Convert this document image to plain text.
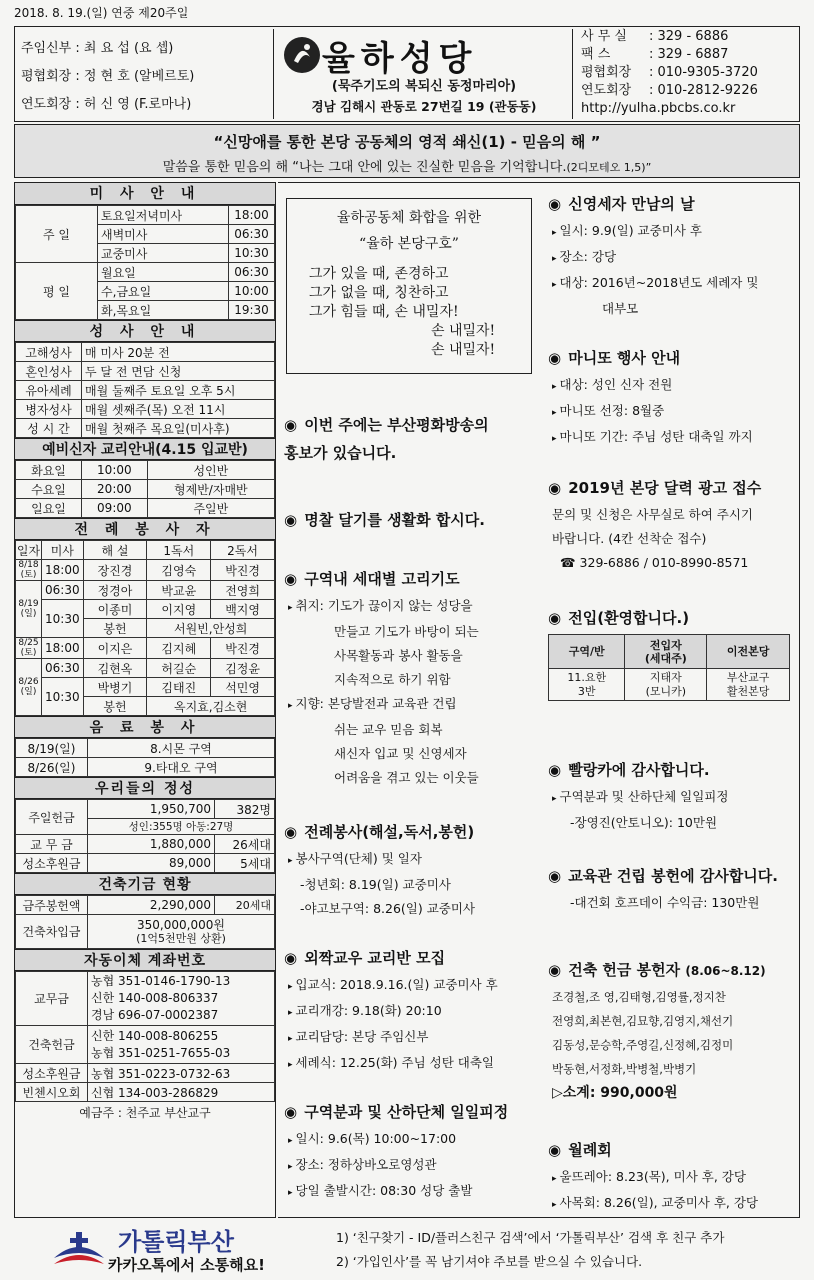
2018. 8. 19.(일) 연중 제20주일
주임신부 : 최 요 섭 (요 셉)
평협회장 : 정 현 호 (알베르토)
연도회장 : 허 신 영 (F.로마나)
율하성당
(묵주기도의 복되신 동정마리아)
경남 김해시 관동로 27번길 19 (관동동)
사 무 실 : 329 - 6886
팩 스	: 329 - 6887
평협회장 : 010-9305-3720
연도회장 : 010-2812-9226
http://yulha.pbcbs.co.kr
“신망애를 통한 본당 공동체의 영적 쇄신(1) - 믿음의 해 ”
말씀을 통한 믿음의 해 “나는 그대 안에 있는 진실한 믿음을 기억합니다.(2디모테오 1,5)”
미 사 안 내
주 일	토요일저녁미사	18:00
	새벽미사	06:30
	교중미사	10:30
평 일	월요일	06:30
	수,금요일	10:00
	화,목요일	19:30
성 사 안 내
고해성사	매 미사 20분 전
혼인성사	두 달 전 면담 신청
유아세례	매월 둘째주 토요일 오후 5시
병자성사	매월 셋째주(목) 오전 11시
성 시 간	매월 첫째주 목요일(미사후)
예비신자 교리안내(4.15 입교반)
화요일	10:00	성인반
수요일	20:00	형제반/자매반
일요일	09:00	주일반
전 례 봉 사 자
일자	미사	해 설	1독서	2독서
8/18
(토)	18:00	장진경	김영숙	박진경
8/19
(일)	06:30	정경아	박교윤	전영희
	10:30	이종미	이지영	백지영
		봉헌	서원빈,안성희	
8/25
(토)	18:00	이지은	김지혜	박진경
8/26
(일)	06:30	김현옥	허길순	김정윤
	10:30	박병기	김태진	석민영
		봉헌	옥지효,김소현	
음 료 봉 사
8/19(일)	8.시몬 구역
8/26(일)	9.타대오 구역
우리들의 정성
주일헌금	1,950,700	382명
	성인:355명 아동:27명	
교 무 금	1,880,000	26세대
성소후원금	89,000	5세대
건축기금 현황
금주봉헌액	2,290,000	20세대
건축차입금	350,000,000원
(1억5천만원 상환)	
자동이체 계좌번호
교무금	농협 351-0146-1790-13
신한 140-008-806337
경남 696-07-0002387

건축헌금	신한 140-008-806255
농협 351-0251-7655-03

성소후원금	농협 351-0223-0732-63
빈첸시오회	신협 134-003-286829
예금주 : 천주교 부산교구
율하공동체 화합을 위한
“율하 본당구호”
그가 있을 때, 존경하고
그가 없을 때, 칭찬하고
그가 힘들 때, 손 내밀자!
손 내밀자!
손 내밀자!
◉ 이번 주에는 부산평화방송의
홍보가 있습니다.
◉ 명찰 달기를 생활화 합시다.
◉ 구역내 세대별 고리기도
▸ 취지: 기도가 끊이지 않는 성당을
만들고 기도가 바탕이 되는
사목활동과 봉사 활동을
지속적으로 하기 위함
▸ 지향: 본당발전과 교육관 건립
쉬는 교우 믿음 회복
새신자 입교 및 신영세자
어려움을 겪고 있는 이웃들
◉ 전례봉사(해설,독서,봉헌)
▸ 봉사구역(단체) 및 일자
-청년회: 8.19(일) 교중미사
-야고보구역: 8.26(일) 교중미사
◉ 외짝교우 교리반 모집
▸ 입교식: 2018.9.16.(일) 교중미사 후
▸ 교리개강: 9.18(화) 20:10
▸ 교리담당: 본당 주임신부
▸ 세례식: 12.25(화) 주님 성탄 대축일
◉ 구역분과 및 산하단체 일일피정
▸ 일시: 9.6(목) 10:00~17:00
▸ 장소: 정하상바오로영성관
▸ 당일 출발시간: 08:30 성당 출발
◉ 신영세자 만남의 날
▸ 일시: 9.9(일) 교중미사 후
▸ 장소: 강당
▸ 대상: 2016년~2018년도 세례자 및
대부모
◉ 마니또 행사 안내
▸ 대상: 성인 신자 전원
▸ 마니또 선정: 8월중
▸ 마니또 기간: 주님 성탄 대축일 까지
◉ 2019년 본당 달력 광고 접수
문의 및 신청은 사무실로 하여 주시기
바랍니다. (4칸 선착순 접수)
☎ 329-6886 / 010-8990-8571
◉ 전입(환영합니다.)
구역/반	전입자
(세대주)	이전본당
11.요한
3반	지태자
(모니카)	부산교구
활천본당
◉ 빨랑카에 감사합니다.
▸ 구역분과 및 산하단체 일일피정
-장영진(안토니오): 10만원
◉ 교육관 건립 봉헌에 감사합니다.
-대건회 호프데이 수익금: 130만원
◉ 건축 헌금 봉헌자 (8.06~8.12)
조경철,조 영,김태형,김영률,정지찬
전영희,최본현,김묘향,김영지,채선기
김동성,문승학,주영길,신정혜,김정미
박동현,서정화,박병철,박병기
▷소계: 990,000원
◉ 월례회
▸ 울뜨레아: 8.23(목), 미사 후, 강당
▸ 사목회: 8.26(일), 교중미사 후, 강당
가톨릭부산
카카오톡에서 소통해요!
1) ‘친구찾기 - ID/플러스친구 검색’에서 ‘가톨릭부산’ 검색 후 친구 추가
2) ‘가입인사’를 꼭 남기셔야 주보를 받으실 수 있습니다.
